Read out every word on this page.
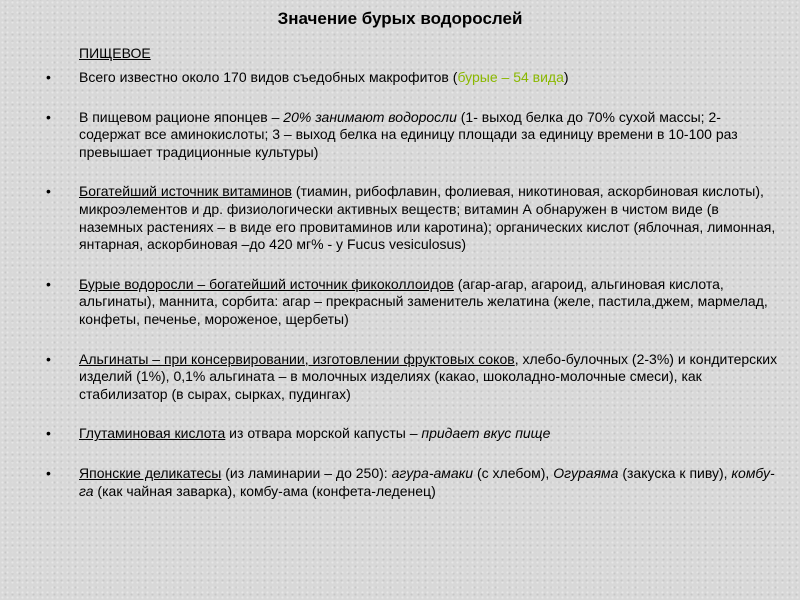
Значение бурых водорослей
ПИЩЕВОЕ
• Всего известно около 170 видов съедобных макрофитов (бурые – 54 вида)
• В пищевом рационе японцев – 20% занимают водоросли (1- выход белка до 70% сухой массы; 2- содержат все аминокислоты; 3 – выход белка на единицу площади за единицу времени в 10-100 раз превышает традиционные культуры)
• Богатейший источник витаминов (тиамин, рибофлавин, фолиевая, никотиновая, аскорбиновая кислоты), микроэлементов и др. физиологически активных веществ; витамин А обнаружен в чистом виде (в наземных растениях – в виде его провитаминов или каротина); органических кислот (яблочная, лимонная, янтарная, аскорбиновая –до 420 мг% - у Fucus vesiculosus)
• Бурые водоросли – богатейший источник фикоколлоидов (агар-агар, агароид, альгиновая кислота, альгинаты), маннита, сорбита: агар – прекрасный заменитель желатина (желе, пастила,джем, мармелад, конфеты, печенье, мороженое, щербеты)
• Альгинаты – при консервировании, изготовлении фруктовых соков, хлебо-булочных (2-3%) и кондитерских изделий (1%), 0,1% альгината – в молочных изделиях (какао, шоколадно-молочные смеси), как стабилизатор (в сырах, сырках, пудингах)
• Глутаминовая кислота из отвара морской капусты – придает вкус пище
• Японские деликатесы (из ламинарии – до 250): агура-амаки (с хлебом), Огураяма (закуска к пиву), комбу-га (как чайная заварка), комбу-ама (конфета-леденец)
